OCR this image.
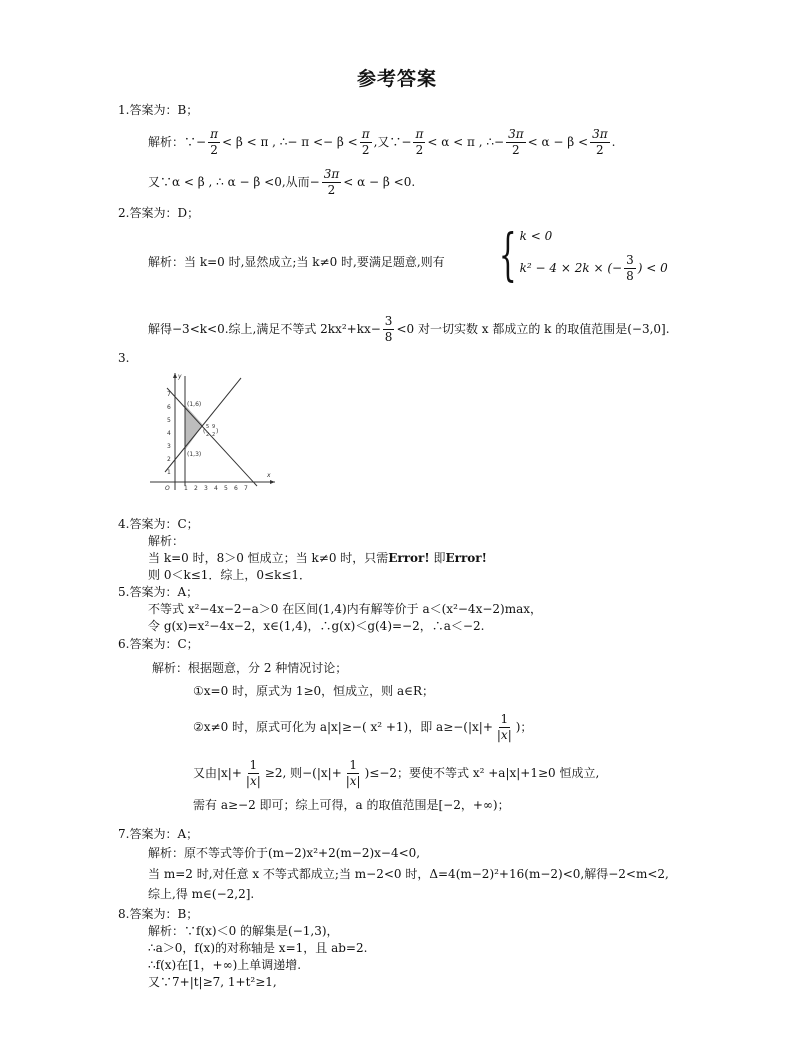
参考答案
1.答案为：B；
解析：∵− $\frac{\pi}{2} < \beta < \pi$ , ∴− $\pi <- \beta < \frac{\pi}{2}$ ,又∵− $\frac{\pi}{2} < \alpha < \pi$ , ∴− $\frac{3\pi}{2} < \alpha - \beta < \frac{3\pi}{2}$ .
又∵α < β , ∴ α − β <0,从而− $\frac{3\pi}{2} < \alpha - \beta <0$.
2.答案为：D；
解析：当 k=0 时,显然成立;当 k≠0 时,要满足题意,则有 { k < 0
k² − 4 × 2k × (− $\frac{3}{8}$ ) < 0
解得−3<k<0.综上,满足不等式 $2kx^2+kx- \frac{3}{8} <0$ 对一切实数 x 都成立的 k 的取值范围是(−3,0].
3.
1 2 3 4 5 6 7
1
2
3
4
5
6
7
O
x
y
(1,6)
(1,3)
(
5
2
9
2 )
4.答案为：C；
解析：
当 k=0 时，8＞0 恒成立；当 k≠0 时，只需Error! 即Error!
则 0＜k≤1．综上，0≤k≤1．
5.答案为：A；
不等式 x²−4x−2−a＞0 在区间(1,4)内有解等价于 a＜(x²−4x−2)max，
令 g(x)=x²−4x−2，x∈(1,4)，∴g(x)＜g(4)=−2，∴a＜−2.
6.答案为：C；
解析：根据题意，分 2 种情况讨论；
①x=0 时，原式为 1≥0，恒成立，则 a∈R；
②x≠0 时，原式可化为 a|x|≥−( x² +1)，即 $a\ge-(|x|+ \frac{1}{|x|}$ )；
又由$|x|+ \frac{1}{|x|} \ge 2$, 则$-(|x|+ \frac{1}{|x|} )\le-2$；要使不等式 x² +a|x|+1≥0 恒成立,
需有 a≥−2 即可；综上可得，a 的取值范围是[−2，+∞)；
7.答案为：A；
解析：原不等式等价于(m−2)x²+2(m−2)x−4<0,
当 m=2 时,对任意 x 不等式都成立;当 m−2<0 时，Δ=4(m−2)²+16(m−2)<0,解得−2<m<2,
综上,得 m∈(−2,2].
8.答案为：B；
解析：∵f(x)＜0 的解集是(−1,3)，
∴a＞0，f(x)的对称轴是 x=1，且 ab=2.
∴f(x)在[1，+∞)上单调递增.
又∵7+|t|≥7, 1+t²≥1,
